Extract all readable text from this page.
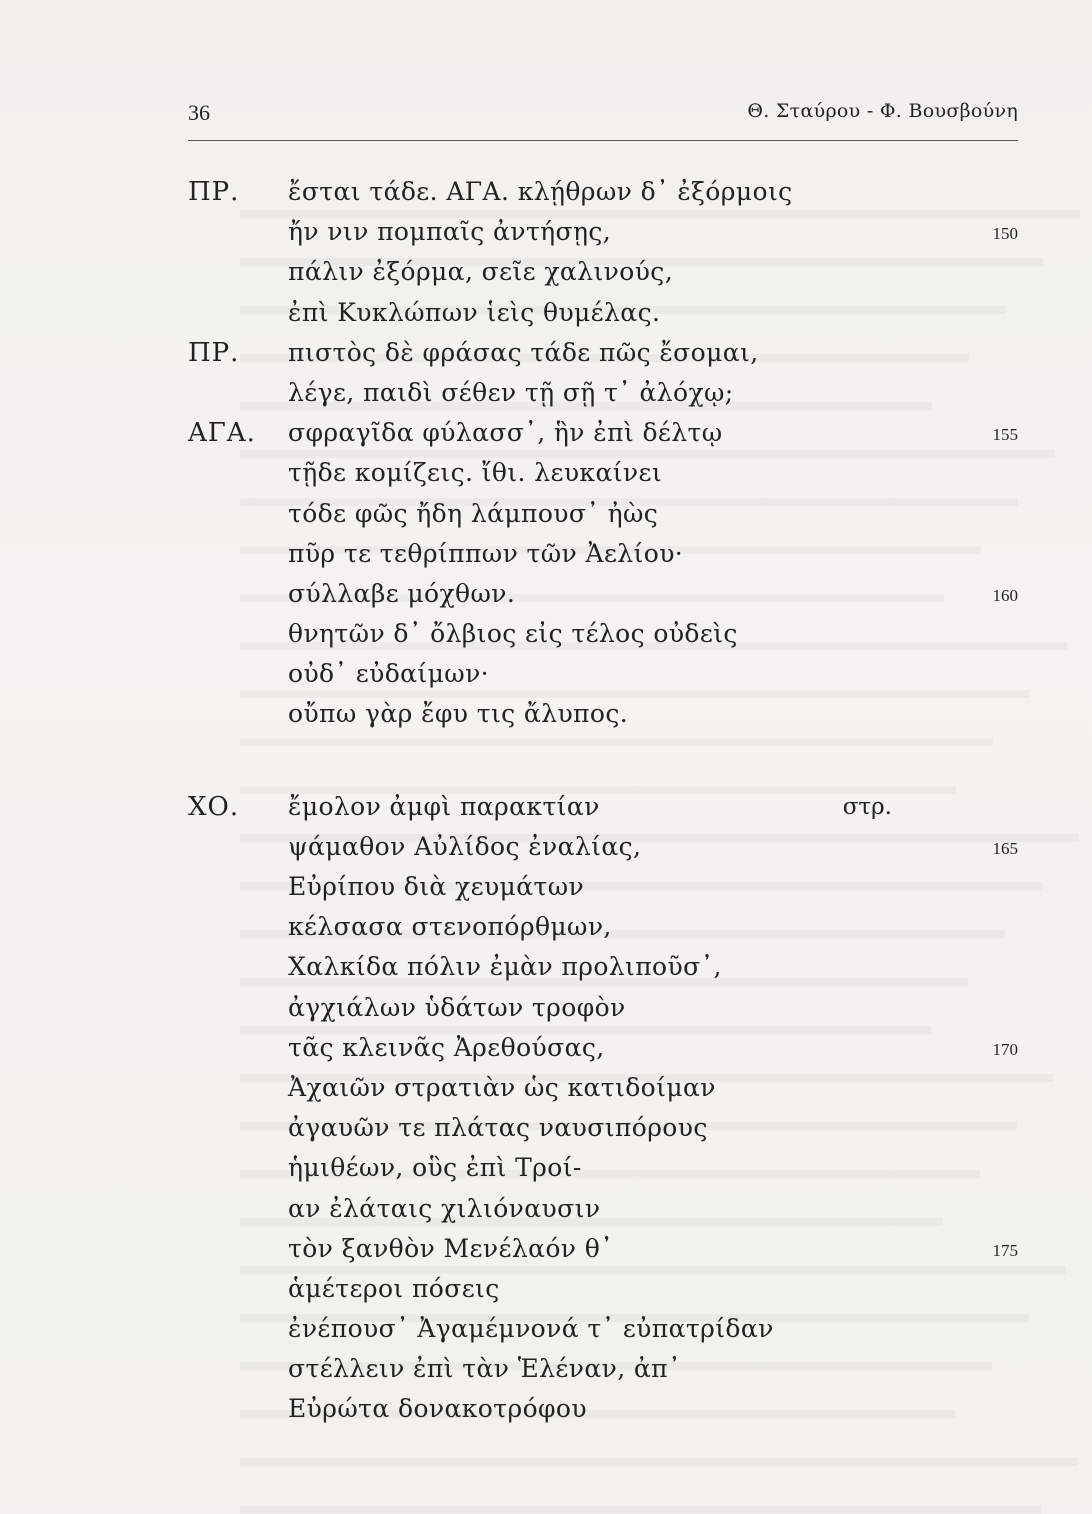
36	Θ. Σταύρου - Φ. Βουσβούνη
ΠΡ. ἔσται τάδε. ΑΓΑ. κλῄθρων δ᾽ ἐξόρμοις
ἤν νιν πομπαῖς ἀντήσῃς,	150
πάλιν ἐξόρμα, σεῖε χαλινούς,
ἐπὶ Κυκλώπων ἱεὶς θυμέλας.
ΠΡ. πιστὸς δὲ φράσας τάδε πῶς ἔσομαι,
λέγε, παιδὶ σέθεν τῇ σῇ τ᾽ ἀλόχῳ;
ΑΓΑ. σφραγῖδα φύλασσ᾽, ἣν ἐπὶ δέλτῳ	155
τῇδε κομίζεις. ἴθι. λευκαίνει
τόδε φῶς ἤδη λάμπουσ᾽ ἠὼς
πῦρ τε τεθρίππων τῶν Ἀελίου·
σύλλαβε μόχθων.	160
θνητῶν δ᾽ ὄλβιος εἰς τέλος οὐδεὶς
οὐδ᾽ εὐδαίμων·
οὔπω γὰρ ἔφυ τις ἄλυπος.
ΧΟ. ἔμολον ἀμφὶ παρακτίαν	στρ.
ψάμαθον Αὐλίδος ἐναλίας,	165
Εὐρίπου διὰ χευμάτων
κέλσασα στενοπόρθμων,
Χαλκίδα πόλιν ἐμὰν προλιποῦσ᾽,
ἀγχιάλων ὑδάτων τροφὸν
τᾶς κλεινᾶς Ἀρεθούσας,	170
Ἀχαιῶν στρατιὰν ὡς κατιδοίμαν
ἀγαυῶν τε πλάτας ναυσιπόρους
ἡμιθέων, οὓς ἐπὶ Τροί-
αν ἐλάταις χιλιόναυσιν
τὸν ξανθὸν Μενέλαόν θ᾽	175
ἁμέτεροι πόσεις
ἐνέπουσ᾽ Ἀγαμέμνονά τ᾽ εὐπατρίδαν
στέλλειν ἐπὶ τὰν Ἑλέναν, ἀπ᾽
Εὐρώτα δονακοτρόφου
